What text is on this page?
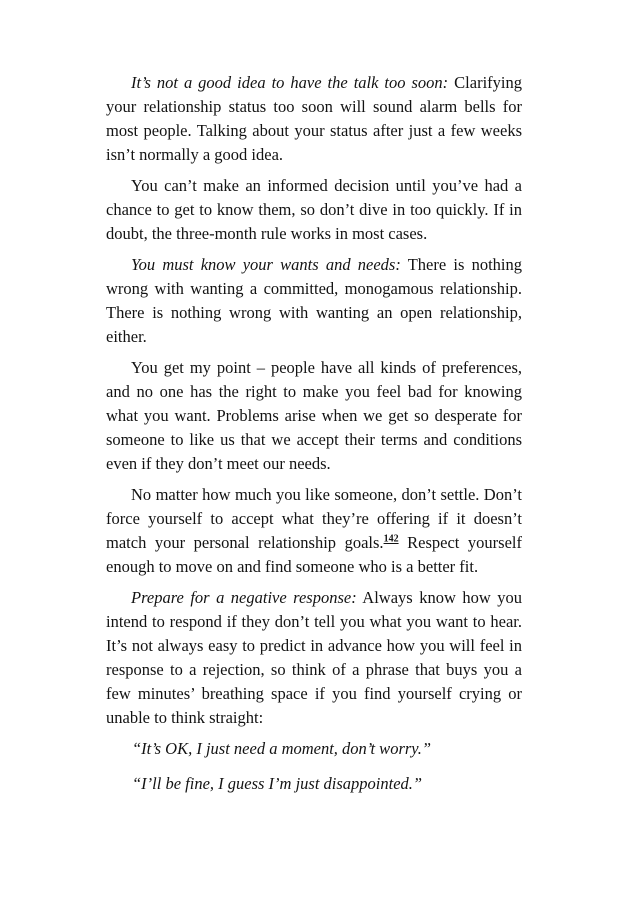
It’s not a good idea to have the talk too soon: Clarifying your relationship status too soon will sound alarm bells for most people. Talking about your status after just a few weeks isn’t normally a good idea.

You can’t make an informed decision until you’ve had a chance to get to know them, so don’t dive in too quickly. If in doubt, the three-month rule works in most cases.

You must know your wants and needs: There is nothing wrong with wanting a committed, monogamous relationship. There is nothing wrong with wanting an open relationship, either.

You get my point – people have all kinds of preferences, and no one has the right to make you feel bad for knowing what you want. Problems arise when we get so desperate for someone to like us that we accept their terms and conditions even if they don’t meet our needs.

No matter how much you like someone, don’t settle. Don’t force yourself to accept what they’re offering if it doesn’t match your personal relationship goals.$^{142}$ Respect yourself enough to move on and find someone who is a better fit.

Prepare for a negative response: Always know how you intend to respond if they don’t tell you what you want to hear. It’s not always easy to predict in advance how you will feel in response to a rejection, so think of a phrase that buys you a few minutes’ breathing space if you find yourself crying or unable to think straight:

“It’s OK, I just need a moment, don’t worry.”

“I’ll be fine, I guess I’m just disappointed.”
